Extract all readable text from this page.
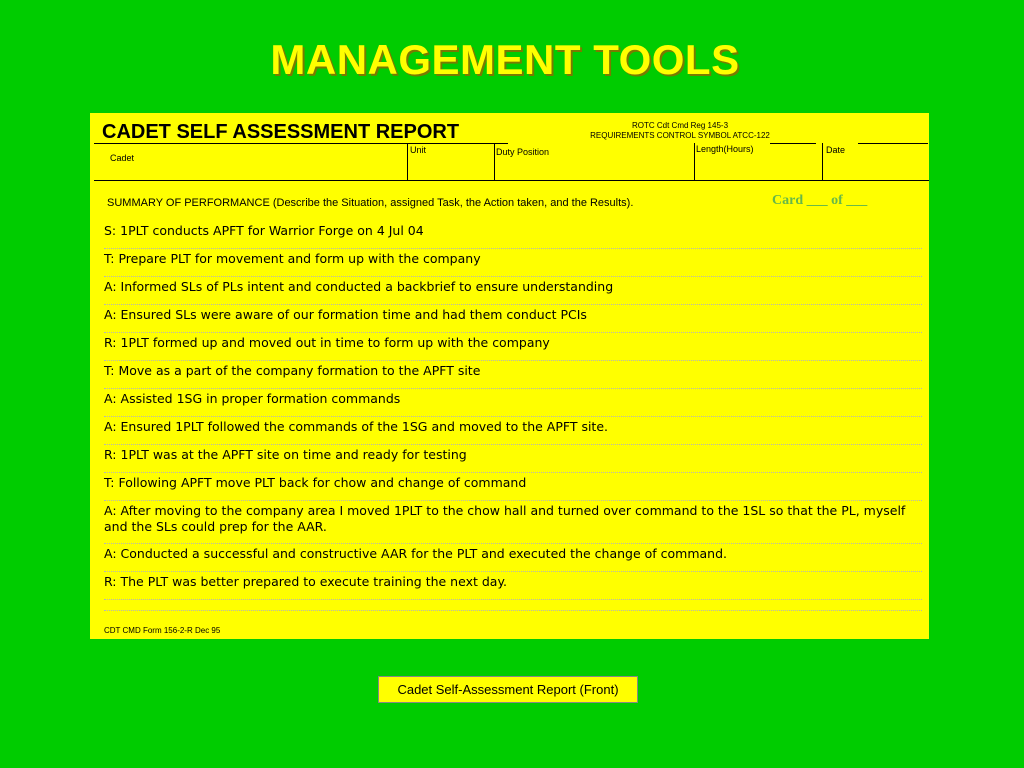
MANAGEMENT TOOLS
CADET SELF ASSESSMENT REPORT	ROTC Cdt Cmd Reg 145-3
REQUIREMENTS CONTROL SYMBOL ATCC-122
Cadet
Unit	Duty Position	Length(Hours)	Date
SUMMARY OF PERFORMANCE (Describe the Situation, assigned Task, the Action taken, and the Results).	Card ___ of ___
S: 1PLT conducts APFT for Warrior Forge on 4 Jul 04
T: Prepare PLT for movement and form up with the company
A: Informed SLs of PLs intent and conducted a backbrief to ensure understanding
A: Ensured SLs were aware of our formation time and had them conduct PCIs
R: 1PLT formed up and moved out in time to form up with the company
T: Move as a part of the company formation to the APFT site
A: Assisted 1SG in proper formation commands
A: Ensured 1PLT followed the commands of the 1SG and moved to the APFT site.
R: 1PLT was at the APFT site on time and ready for testing
T: Following APFT move PLT back for chow and change of command
A: After moving to the company area I moved 1PLT to the chow hall and turned over command to the 1SL so that the PL, myself and the SLs could prep for the AAR.
A: Conducted a successful and constructive AAR for the PLT and executed the change of command.
R: The PLT was better prepared to execute training the next day.
CDT CMD Form 156-2-R Dec 95
Cadet Self-Assessment Report (Front)
